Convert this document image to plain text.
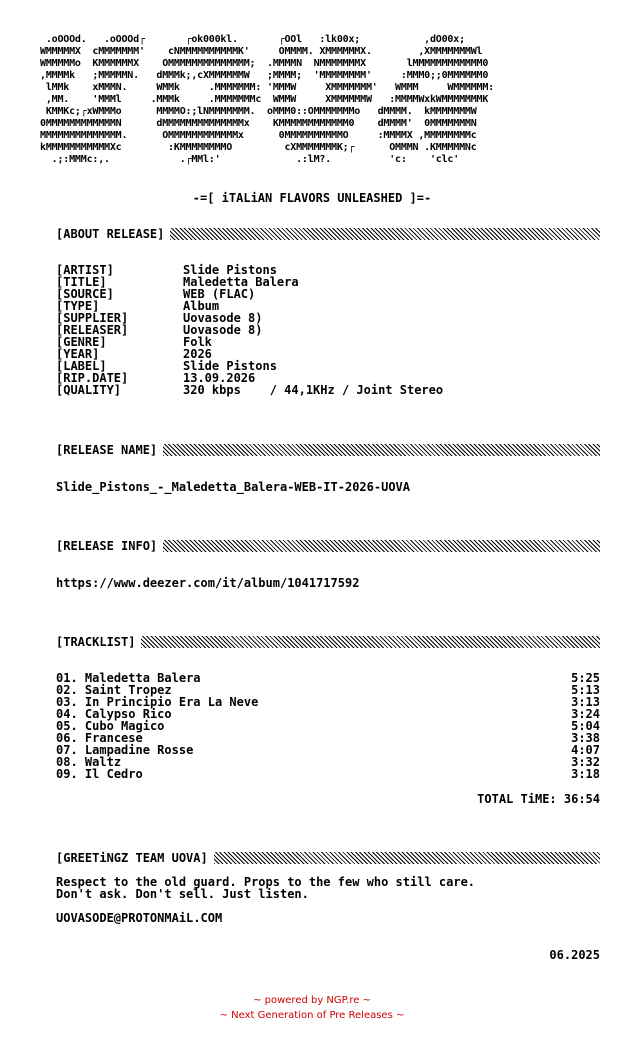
.oOOOd.   .oOOOd┌       ┌ok000kl.       ┌OOl   :lk00x;           ,dO00x;
WMMMMMX  cMMMMMMM'    cNMMMMMMMMMMK'     OMMMM. XMMMMMMX.        ,XMMMMMMMWl
WMMMMMo  KMMMMMMX    OMMMMMMMMMMMMMM;  .MMMMN  NMMMMMMMX       lMMMMMMMMMMMM0
,MMMMk   ;MMMMMN.   dMMMk;,cXMMMMMMW   ;MMMM;  'MMMMMMMM'     :MMM0;;0MMMMMM0
lMMk    xMMMN.     WMMk     .MMMMMMM: 'MMMW     XMMMMMMM'   WMMM     WMMMMMM:
,MM.    'MMMl     .MMMk     .MMMMMMMc  WMMW     XMMMMMMW   :MMMMWxkWMMMMMMMK
KMMKc;┌xWMMMo      MMMMO:;lNMMMMMMM.  oMMM0::OMMMMMMMo   dMMMM.  kMMMMMMMW
0MMMMMMMMMMMMN      dMMMMMMMMMMMMMMx    KMMMMMMMMMMMM0    dMMMM'  0MMMMMMMN
MMMMMMMMMMMMMM.      OMMMMMMMMMMMMx      0MMMMMMMMMMO     :MMMMX ,MMMMMMMMc
kMMMMMMMMMMMXc        :KMMMMMMMMO         cXMMMMMMMK;┌      OMMMN .KMMMMMNc
.;:MMMc:,.            .┌MMl:'             .:lM?.          'c:    'clc'
-=[ iTALiAN FLAVORS UNLEASHED ]=-
[ABOUT RELEASE]
[ARTIST]	Slide Pistons
[TITLE]	Maledetta Balera
[SOURCE]	WEB (FLAC)
[TYPE]	Album
[SUPPLIER]	Uovasode 8)
[RELEASER]	Uovasode 8)
[GENRE]	Folk
[YEAR]	2026
[LABEL]	Slide Pistons
[RIP.DATE]	13.09.2026
[QUALITY]	320 kbps    / 44,1KHz / Joint Stereo
[RELEASE NAME]
Slide_Pistons_-_Maledetta_Balera-WEB-IT-2026-UOVA
[RELEASE INFO]
https://www.deezer.com/it/album/1041717592
[TRACKLIST]
01. Maledetta Balera	5:25
02. Saint Tropez	5:13
03. In Principio Era La Neve	3:13
04. Calypso Rico	3:24
05. Cubo Magico	5:04
06. Francese	3:38
07. Lampadine Rosse	4:07
08. Waltz	3:32
09. Il Cedro	3:18
TOTAL TiME: 36:54
[GREETiNGZ TEAM UOVA]
Respect to the old guard. Props to the few who still care.
Don't ask. Don't sell. Just listen.
UOVASODE@PROTONMAiL.COM
06.2025
~ powered by NGP.re ~
~ Next Generation of Pre Releases ~
